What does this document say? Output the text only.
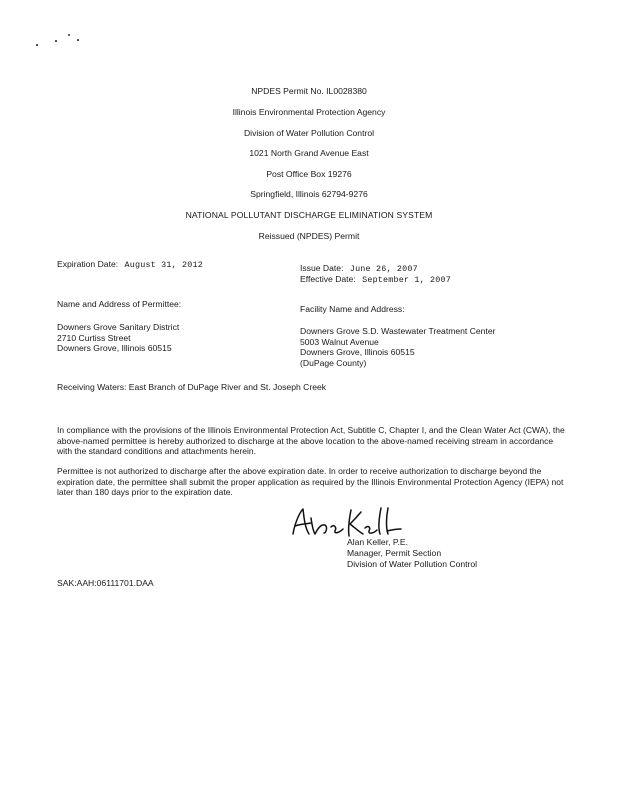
NPDES Permit No. IL0028380
Illinois Environmental Protection Agency
Division of Water Pollution Control
1021 North Grand Avenue East
Post Office Box 19276
Springfield, Illinois 62794-9276
NATIONAL POLLUTANT DISCHARGE ELIMINATION SYSTEM
Reissued (NPDES) Permit
Expiration Date: August 31, 2012	Issue Date: June 26, 2007
Effective Date: September 1, 2007
Name and Address of Permittee:
Downers Grove Sanitary District
2710 Curtiss Street
Downers Grove, Illinois 60515
Facility Name and Address:
Downers Grove S.D. Wastewater Treatment Center
5003 Walnut Avenue
Downers Grove, Illinois 60515
(DuPage County)
Receiving Waters: East Branch of DuPage River and St. Joseph Creek
In compliance with the provisions of the Illinois Environmental Protection Act, Subtitle C, Chapter I, and the Clean Water Act (CWA), the above-named permittee is hereby authorized to discharge at the above location to the above-named receiving stream in accordance with the standard conditions and attachments herein.
Permittee is not authorized to discharge after the above expiration date. In order to receive authorization to discharge beyond the expiration date, the permittee shall submit the proper application as required by the Illinois Environmental Protection Agency (IEPA) not later than 180 days prior to the expiration date.
Alan Keller, P.E.
Manager, Permit Section
Division of Water Pollution Control
SAK:AAH:06111701.DAA
